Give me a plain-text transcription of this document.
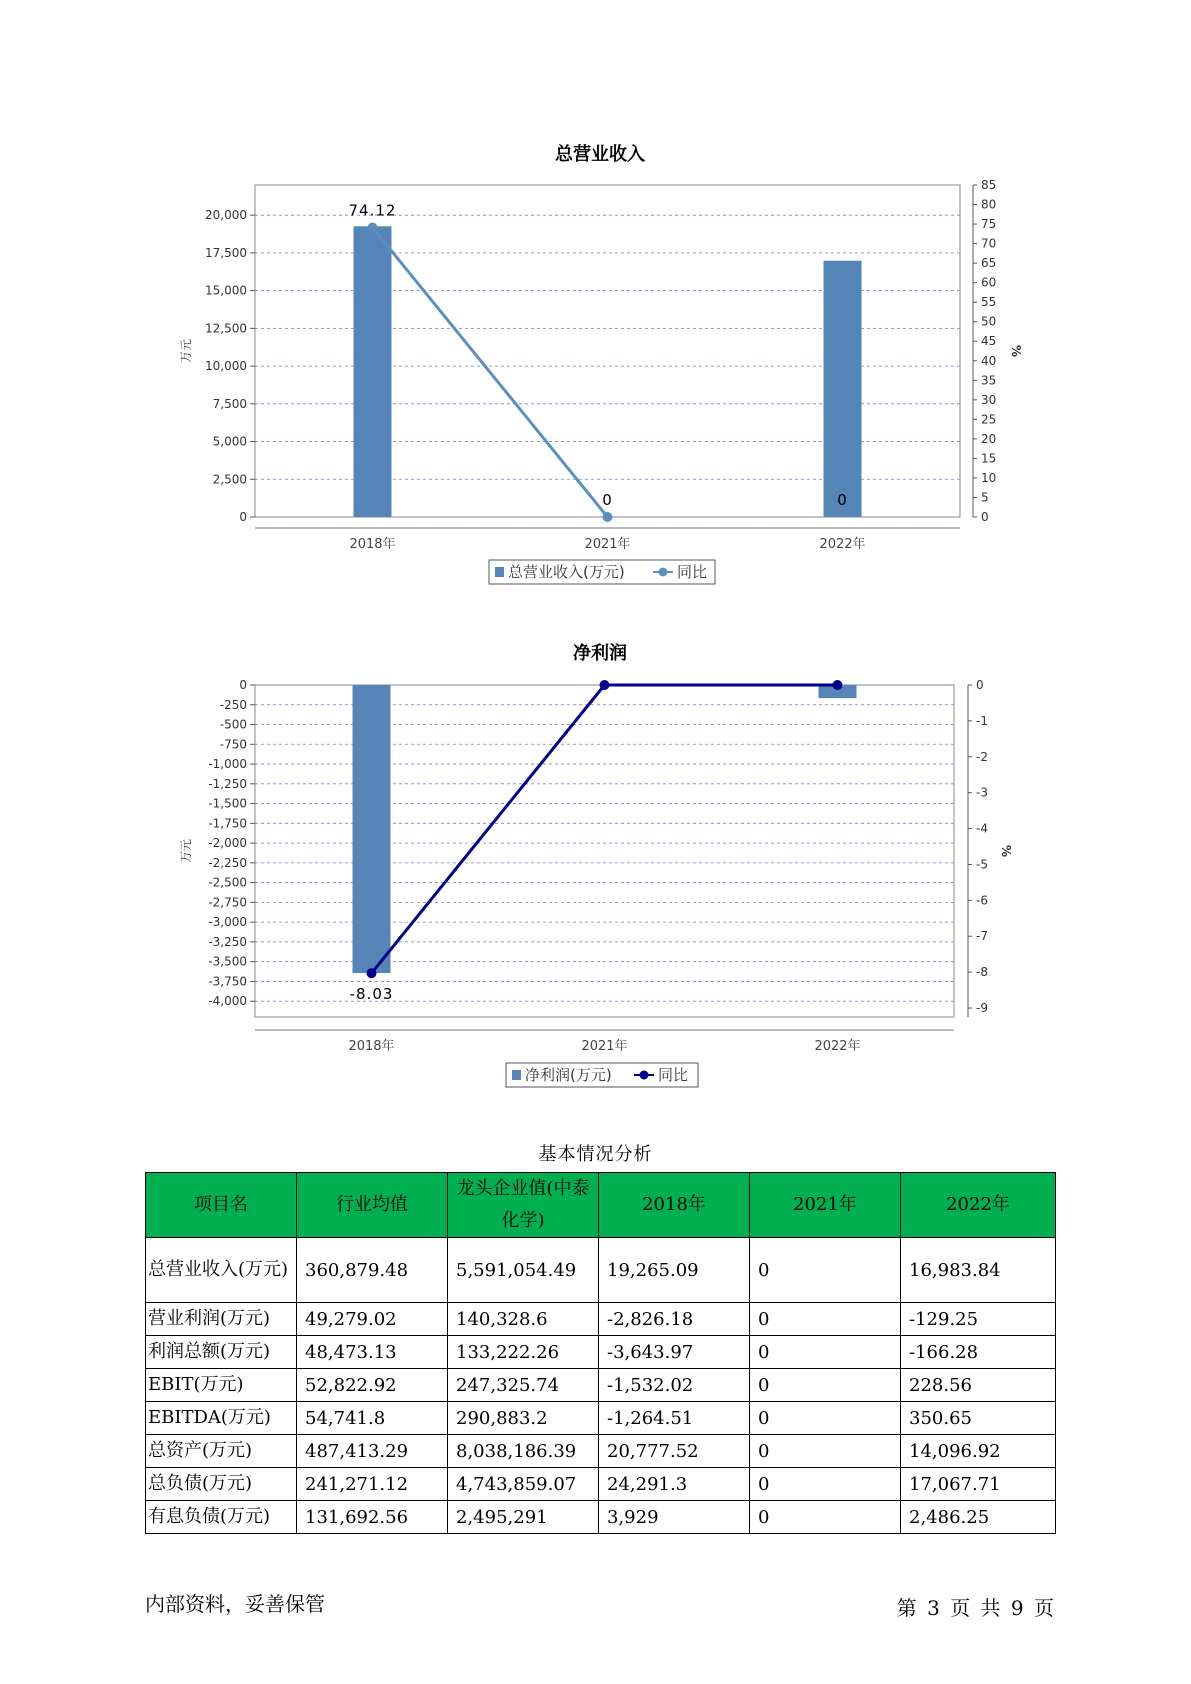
总营业收入
0
2,500
5,000
7,500
10,000
12,500
15,000
17,500
20,000
0
5
10
15
20
25
30
35
40
45
50
55
60
65
70
75
80
85
万元	%
2018年	2021年	2022年
74.12
0	0
总营业收入(万元)	同比
净利润
0
-250
-500
-750
-1,000
-1,250
-1,500
-1,750
-2,000
-2,250
-2,500
-2,750
-3,000
-3,250
-3,500
-3,750
-4,000
0
-1
-2
-3
-4
-5
-6
-7
-8
-9
万元	%
2018年	2021年	2022年
-8.03
净利润(万元)	同比
基本情况分析
项目名	行业均值	龙头企业值(中泰化学)	2018年	2021年	2022年
总营业收入(万元)	360,879.48	5,591,054.49	19,265.09	0	16,983.84
营业利润(万元)	49,279.02	140,328.6	-2,826.18	0	-129.25
利润总额(万元)	48,473.13	133,222.26	-3,643.97	0	-166.28
EBIT(万元)	52,822.92	247,325.74	-1,532.02	0	228.56
EBITDA(万元)	54,741.8	290,883.2	-1,264.51	0	350.65
总资产(万元)	487,413.29	8,038,186.39	20,777.52	0	14,096.92
总负债(万元)	241,271.12	4,743,859.07	24,291.3	0	17,067.71
有息负债(万元)	131,692.56	2,495,291	3,929	0	2,486.25
内部资料，妥善保管	第 3 页 共 9 页
